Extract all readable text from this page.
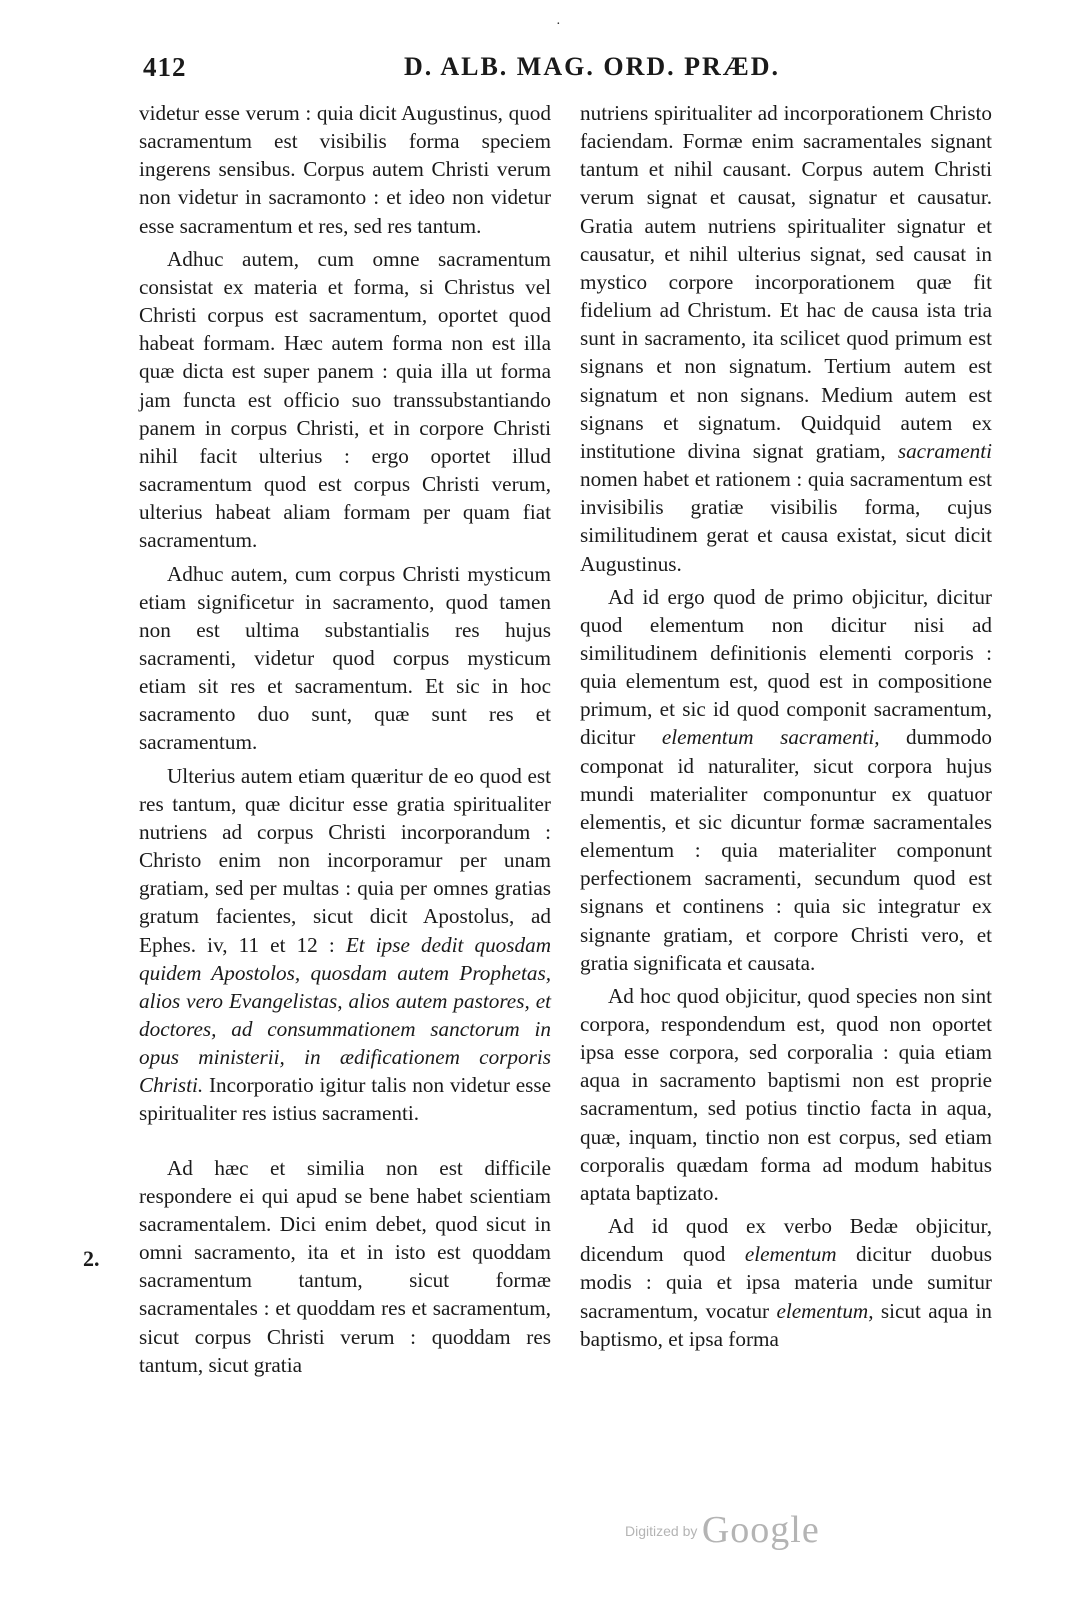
·
412	D. ALB. MAG. ORD. PRÆD.

videtur esse verum : quia dicit Augustinus, quod sacramentum est visibilis forma speciem ingerens sensibus. Corpus autem Christi verum non videtur in sacramonto : et ideo non videtur esse sacramentum et res, sed res tantum.

Adhuc autem, cum omne sacramentum consistat ex materia et forma, si Christus vel Christi corpus est sacramentum, oportet quod habeat formam. Hæc autem forma non est illa quæ dicta est super panem : quia illa ut forma jam functa est officio suo transsubstantiando panem in corpus Christi, et in corpore Christi nihil facit ulterius : ergo oportet illud sacramentum quod est corpus Christi verum, ulterius habeat aliam formam per quam fiat sacramentum.

Adhuc autem, cum corpus Christi mysticum etiam significetur in sacramento, quod tamen non est ultima substantialis res hujus sacramenti, videtur quod corpus mysticum etiam sit res et sacramentum. Et sic in hoc sacramento duo sunt, quæ sunt res et sacramentum.

Ulterius autem etiam quæritur de eo quod est res tantum, quæ dicitur esse gratia spiritualiter nutriens ad corpus Christi incorporandum : Christo enim non incorporamur per unam gratiam, sed per multas : quia per omnes gratias gratum facientes, sicut dicit Apostolus, ad Ephes. iv, 11 et 12 : Et ipse dedit quosdam quidem Apostolos, quosdam autem Prophetas, alios vero Evangelistas, alios autem pastores, et doctores, ad consummationem sanctorum in opus ministerii, in ædificationem corporis Christi. Incorporatio igitur talis non videtur esse spiritualiter res istius sacramenti.

Ad hæc et similia non est difficile respondere ei qui apud se bene habet scientiam sacramentalem. Dici enim debet, quod sicut in omni sacramento, ita et in isto est quoddam sacramentum tantum, sicut formæ sacramentales : et quoddam res et sacramentum, sicut corpus Christi verum : quoddam res tantum, sicut gratia

2.

nutriens spiritualiter ad incorporationem Christo faciendam. Formæ enim sacramentales signant tantum et nihil causant. Corpus autem Christi verum signat et causat, signatur et causatur. Gratia autem nutriens spiritualiter signatur et causatur, et nihil ulterius signat, sed causat in mystico corpore incorporationem quæ fit fidelium ad Christum. Et hac de causa ista tria sunt in sacramento, ita scilicet quod primum est signans et non signatum. Tertium autem est signatum et non signans. Medium autem est signans et signatum. Quidquid autem ex institutione divina signat gratiam, sacramenti nomen habet et rationem : quia sacramentum est invisibilis gratiæ visibilis forma, cujus similitudinem gerat et causa existat, sicut dicit Augustinus.

Ad id ergo quod de primo objicitur, dicitur quod elementum non dicitur nisi ad similitudinem definitionis elementi corporis : quia elementum est, quod est in compositione primum, et sic id quod componit sacramentum, dicitur elementum sacramenti, dummodo componat id naturaliter, sicut corpora hujus mundi materialiter componuntur ex quatuor elementis, et sic dicuntur formæ sacramentales elementum : quia materialiter componunt perfectionem sacramenti, secundum quod est signans et continens : quia sic integratur ex signante gratiam, et corpore Christi vero, et gratia significata et causata.

Ad hoc quod objicitur, quod species non sint corpora, respondendum est, quod non oportet ipsa esse corpora, sed corporalia : quia etiam aqua in sacramento baptismi non est proprie sacramentum, sed potius tinctio facta in aqua, quæ, inquam, tinctio non est corpus, sed etiam corporalis quædam forma ad modum habitus aptata baptizato.

Ad id quod ex verbo Bedæ objicitur, dicendum quod elementum dicitur duobus modis : quia et ipsa materia unde sumitur sacramentum, vocatur elementum, sicut aqua in baptismo, et ipsa forma

Digitized by Google
